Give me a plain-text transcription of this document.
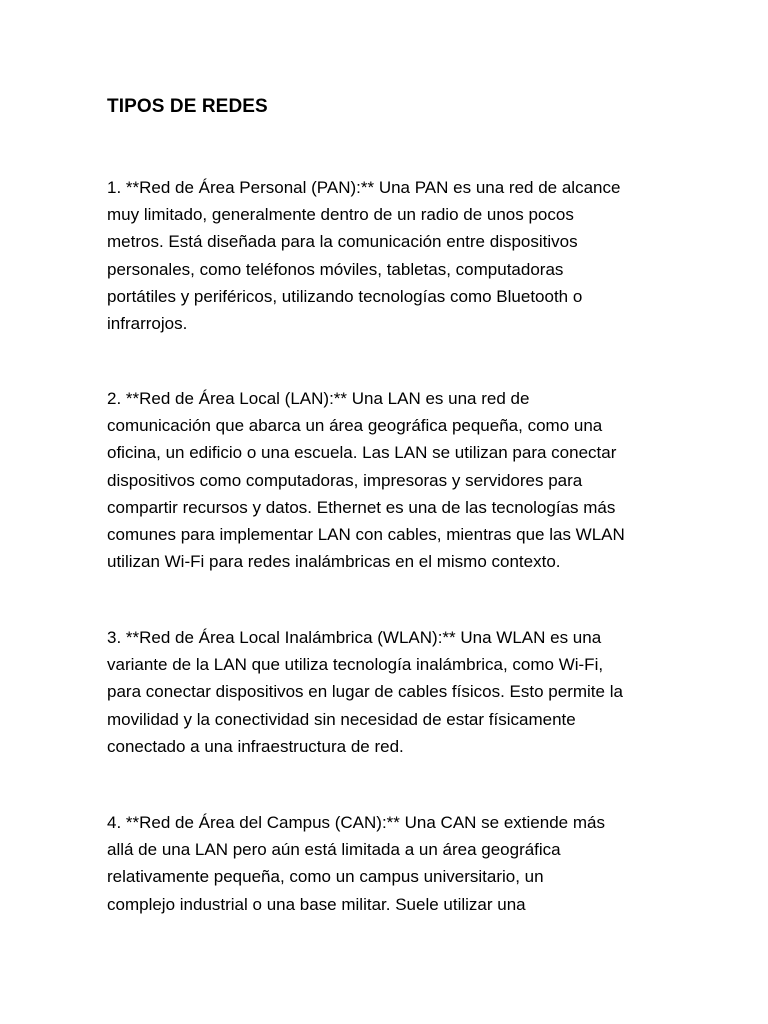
TIPOS DE REDES

1. **Red de Área Personal (PAN):** Una PAN es una red de alcance
muy limitado, generalmente dentro de un radio de unos pocos
metros. Está diseñada para la comunicación entre dispositivos
personales, como teléfonos móviles, tabletas, computadoras
portátiles y periféricos, utilizando tecnologías como Bluetooth o
infrarrojos.

2. **Red de Área Local (LAN):** Una LAN es una red de
comunicación que abarca un área geográfica pequeña, como una
oficina, un edificio o una escuela. Las LAN se utilizan para conectar
dispositivos como computadoras, impresoras y servidores para
compartir recursos y datos. Ethernet es una de las tecnologías más
comunes para implementar LAN con cables, mientras que las WLAN
utilizan Wi-Fi para redes inalámbricas en el mismo contexto.

3. **Red de Área Local Inalámbrica (WLAN):** Una WLAN es una
variante de la LAN que utiliza tecnología inalámbrica, como Wi-Fi,
para conectar dispositivos en lugar de cables físicos. Esto permite la
movilidad y la conectividad sin necesidad de estar físicamente
conectado a una infraestructura de red.

4. **Red de Área del Campus (CAN):** Una CAN se extiende más
allá de una LAN pero aún está limitada a un área geográfica
relativamente pequeña, como un campus universitario, un
complejo industrial o una base militar. Suele utilizar una
